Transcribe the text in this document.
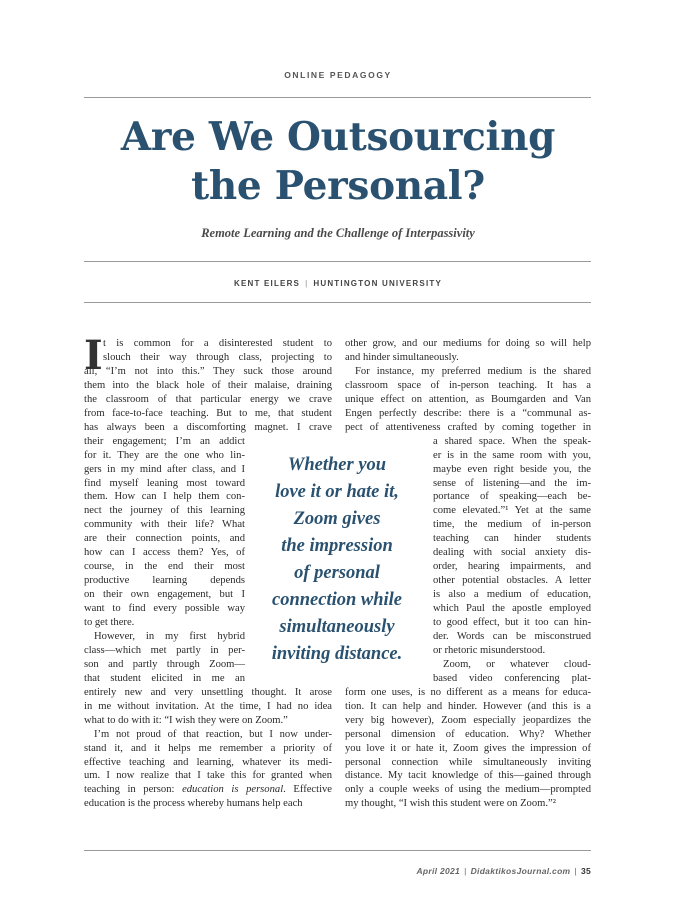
ONLINE PEDAGOGY
Are We Outsourcing
the Personal?
Remote Learning and the Challenge of Interpassivity
KENT EILERS | HUNTINGTON UNIVERSITY
I t is common for a disinterested student to
slouch their way through class, projecting to
all, “I’m not into this.” They suck those around
them into the black hole of their malaise, draining
the classroom of that particular energy we crave
from face-to-face teaching. But to me, that student
has always been a discomforting magnet. I crave
their engagement; I’m an addict
for it. They are the one who lin-
gers in my mind after class, and I
find myself leaning most toward
them. How can I help them con-
nect the journey of this learning
community with their life? What
are their connection points, and
how can I access them? Yes, of
course, in the end their most
productive learning depends
on their own engagement, but I
want to find every possible way
to get there.
However, in my first hybrid
class—which met partly in per-
son and partly through Zoom—
that student elicited in me an
entirely new and very unsettling thought. It arose
in me without invitation. At the time, I had no idea
what to do with it: “I wish they were on Zoom.”
I’m not proud of that reaction, but I now under-
stand it, and it helps me remember a priority of
effective teaching and learning, whatever its medi-
um. I now realize that I take this for granted when
teaching in person: education is personal. Effective
education is the process whereby humans help each
other grow, and our mediums for doing so will help
and hinder simultaneously.
For instance, my preferred medium is the shared
classroom space of in-person teaching. It has a
unique effect on attention, as Boumgarden and Van
Engen perfectly describe: there is a “communal as-
pect of attentiveness crafted by coming together in
a shared space. When the speak-
er is in the same room with you,
maybe even right beside you, the
sense of listening—and the im-
portance of speaking—each be-
come elevated.”¹ Yet at the same
time, the medium of in-person
teaching can hinder students
dealing with social anxiety dis-
order, hearing impairments, and
other potential obstacles. A letter
is also a medium of education,
which Paul the apostle employed
to good effect, but it too can hin-
der. Words can be misconstrued
or rhetoric misunderstood.
Zoom, or whatever cloud-
based video conferencing plat-
form one uses, is no different as a means for educa-
tion. It can help and hinder. However (and this is a
very big however), Zoom especially jeopardizes the
personal dimension of education. Why? Whether
you love it or hate it, Zoom gives the impression of
personal connection while simultaneously inviting
distance. My tacit knowledge of this—gained through
only a couple weeks of using the medium—prompted
my thought, “I wish this student were on Zoom.”²
Whether you
love it or hate it,
Zoom gives
the impression
of personal
connection while
simultaneously
inviting distance.
April 2021 | DidaktikosJournal.com | 35
